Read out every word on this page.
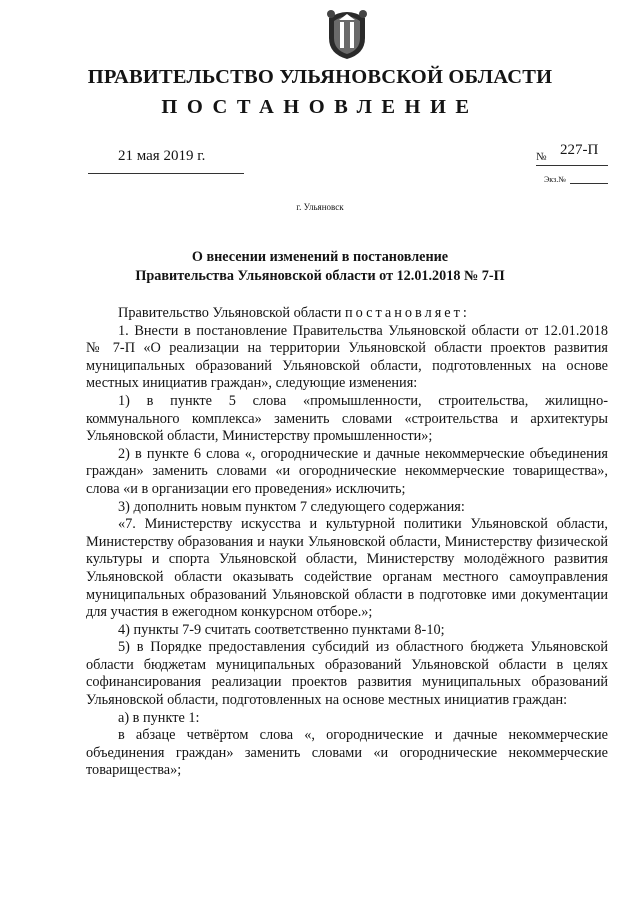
ПРАВИТЕЛЬСТВО УЛЬЯНОВСКОЙ ОБЛАСТИ
ПОСТАНОВЛЕНИЕ
21 мая 2019 г.	№ 227-П
Экз.№
г. Ульяновск
О внесении изменений в постановление
Правительства Ульяновской области от 12.01.2018 № 7-П

Правительство Ульяновской области постановляет:

1. Внести в постановление Правительства Ульяновской области от 12.01.2018 № 7-П «О реализации на территории Ульяновской области проектов развития муниципальных образований Ульяновской области, подготовленных на основе местных инициатив граждан», следующие изменения:

1) в пункте 5 слова «промышленности, строительства, жилищно-коммунального комплекса» заменить словами «строительства и архитектуры Ульяновской области, Министерству промышленности»;

2) в пункте 6 слова «, огороднические и дачные некоммерческие объединения граждан» заменить словами «и огороднические некоммерческие товарищества», слова «и в организации его проведения» исключить;

3) дополнить новым пунктом 7 следующего содержания:

«7. Министерству искусства и культурной политики Ульяновской области, Министерству образования и науки Ульяновской области, Министерству физической культуры и спорта Ульяновской области, Министерству молодёжного развития Ульяновской области оказывать содействие органам местного самоуправления муниципальных образований Ульяновской области в подготовке ими документации для участия в ежегодном конкурсном отборе.»;

4) пункты 7-9 считать соответственно пунктами 8-10;

5) в Порядке предоставления субсидий из областного бюджета Ульяновской области бюджетам муниципальных образований Ульяновской области в целях софинансирования реализации проектов развития муниципальных образований Ульяновской области, подготовленных на основе местных инициатив граждан:

а) в пункте 1:

в абзаце четвёртом слова «, огороднические и дачные некоммерческие объединения граждан» заменить словами «и огороднические некоммерческие товарищества»;
